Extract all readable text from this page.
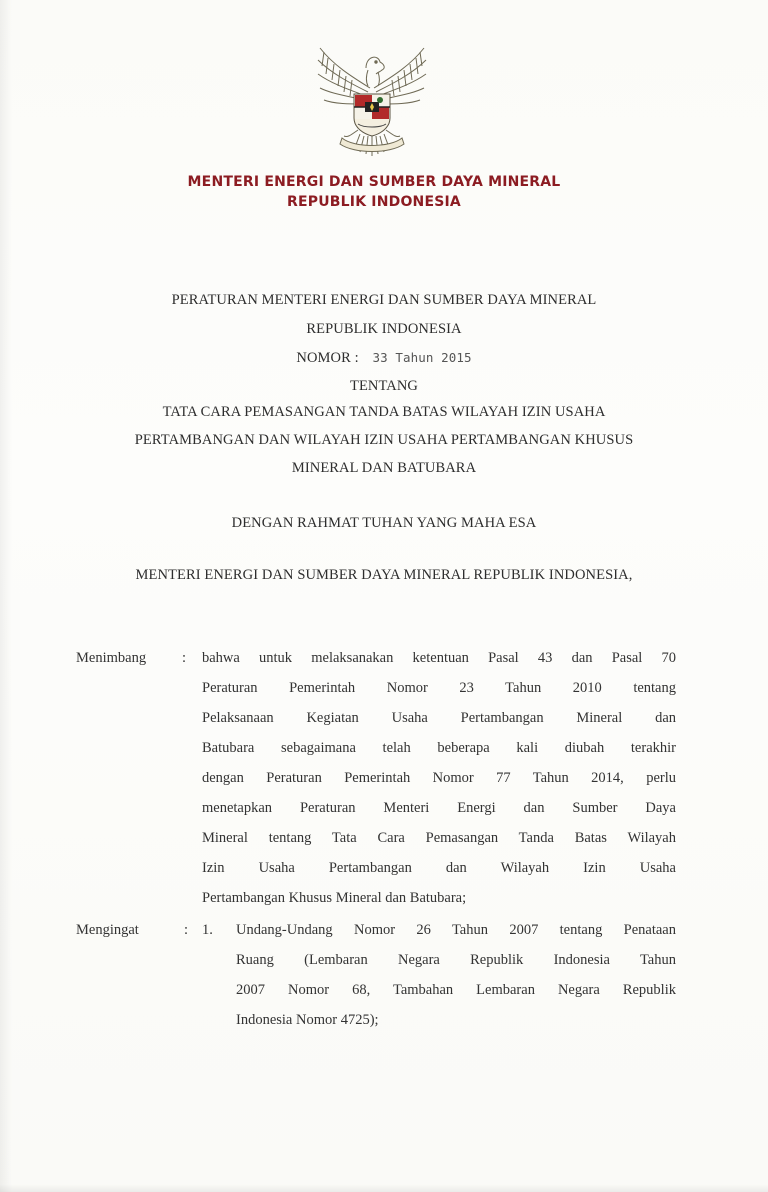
MENTERI ENERGI DAN SUMBER DAYA MINERAL
REPUBLIK INDONESIA
PERATURAN MENTERI ENERGI DAN SUMBER DAYA MINERAL
REPUBLIK INDONESIA
NOMOR : 33 Tahun 2015
TENTANG
TATA CARA PEMASANGAN TANDA BATAS WILAYAH IZIN USAHA
PERTAMBANGAN DAN WILAYAH IZIN USAHA PERTAMBANGAN KHUSUS
MINERAL DAN BATUBARA
DENGAN RAHMAT TUHAN YANG MAHA ESA
MENTERI ENERGI DAN SUMBER DAYA MINERAL REPUBLIK INDONESIA,
Menimbang : bahwa untuk melaksanakan ketentuan Pasal 43 dan Pasal 70
Peraturan Pemerintah Nomor 23 Tahun 2010 tentang
Pelaksanaan Kegiatan Usaha Pertambangan Mineral dan
Batubara sebagaimana telah beberapa kali diubah terakhir
dengan Peraturan Pemerintah Nomor 77 Tahun 2014, perlu
menetapkan Peraturan Menteri Energi dan Sumber Daya
Mineral tentang Tata Cara Pemasangan Tanda Batas Wilayah
Izin Usaha Pertambangan dan Wilayah Izin Usaha
Pertambangan Khusus Mineral dan Batubara;
Mengingat	: 1. Undang-Undang Nomor 26 Tahun 2007 tentang Penataan
Ruang (Lembaran Negara Republik Indonesia Tahun
2007 Nomor 68, Tambahan Lembaran Negara Republik
Indonesia Nomor 4725);
